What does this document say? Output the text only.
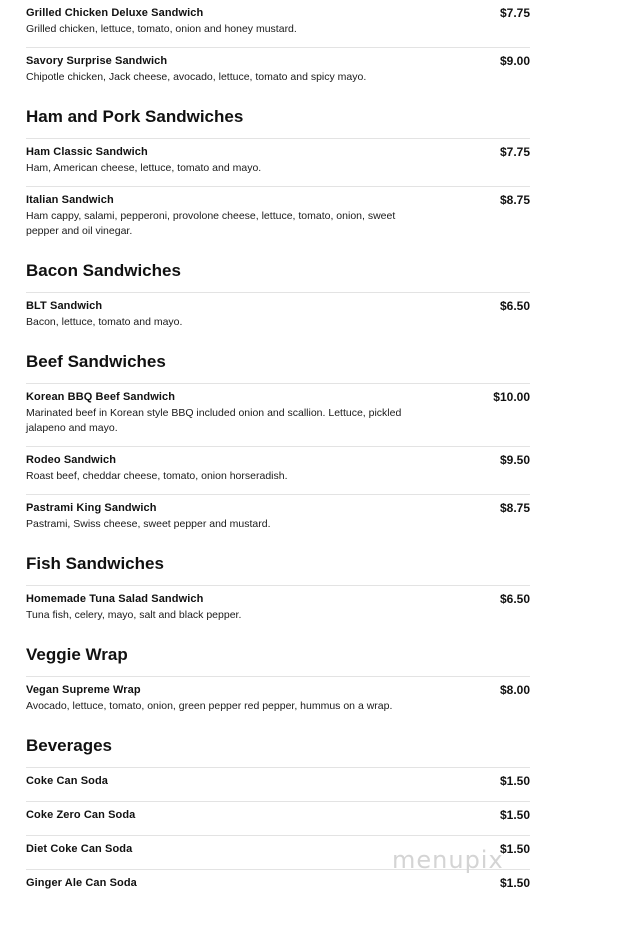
Grilled Chicken Deluxe Sandwich	$7.75
Grilled chicken, lettuce, tomato, onion and honey mustard.
Savory Surprise Sandwich	$9.00
Chipotle chicken, Jack cheese, avocado, lettuce, tomato and spicy mayo.
Ham and Pork Sandwiches
Ham Classic Sandwich	$7.75
Ham, American cheese, lettuce, tomato and mayo.
Italian Sandwich	$8.75
Ham cappy, salami, pepperoni, provolone cheese, lettuce, tomato, onion, sweet pepper and oil vinegar.
Bacon Sandwiches
BLT Sandwich	$6.50
Bacon, lettuce, tomato and mayo.
Beef Sandwiches
Korean BBQ Beef Sandwich	$10.00
Marinated beef in Korean style BBQ included onion and scallion. Lettuce, pickled jalapeno and mayo.
Rodeo Sandwich	$9.50
Roast beef, cheddar cheese, tomato, onion horseradish.
Pastrami King Sandwich	$8.75
Pastrami, Swiss cheese, sweet pepper and mustard.
Fish Sandwiches
Homemade Tuna Salad Sandwich	$6.50
Tuna fish, celery, mayo, salt and black pepper.
Veggie Wrap
Vegan Supreme Wrap	$8.00
Avocado, lettuce, tomato, onion, green pepper red pepper, hummus on a wrap.
Beverages
Coke Can Soda	$1.50
Coke Zero Can Soda	$1.50
Diet Coke Can Soda	$1.50
Ginger Ale Can Soda	$1.50
menupix
